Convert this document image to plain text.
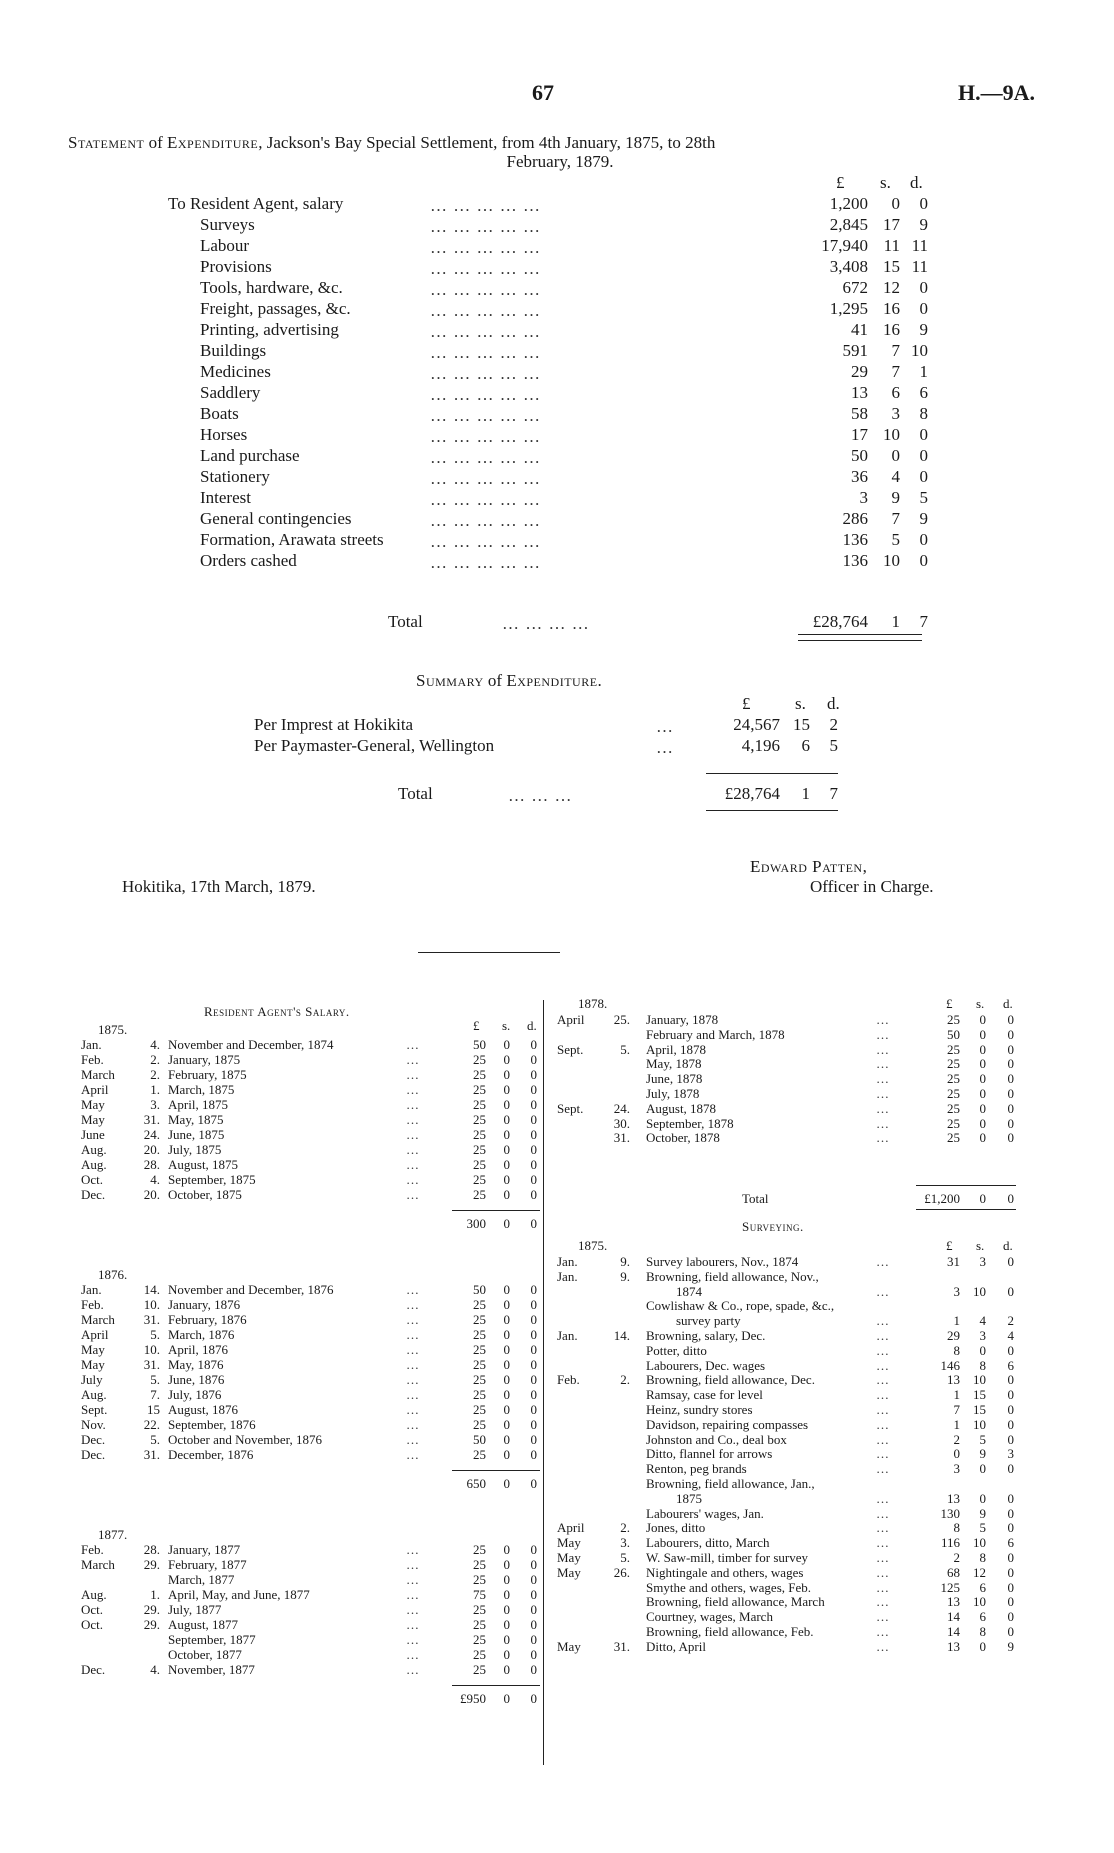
67	H.—9A.
Statement of Expenditure, Jackson's Bay Special Settlement, from 4th January, 1875, to 28th
February, 1879.
£	s. d.
To Resident Agent, salary	… … … … …	1,200	0	0
Surveys	… … … … …	2,845 17	9
Labour	… … … … …	17,940 11 11
Provisions	… … … … …	3,408 15 11
Tools, hardware, &c.	… … … … …	672 12	0
Freight, passages, &c.	… … … … …	1,295 16	0
Printing, advertising	… … … … …	41 16	9
Buildings	… … … … …	591	7 10
Medicines	… … … … …	29	7	1
Saddlery	… … … … …	13	6	6
Boats	… … … … …	58	3	8
Horses	… … … … …	17 10	0
Land purchase	… … … … …	50	0	0
Stationery	… … … … …	36	4	0
Interest	… … … … …	3	9	5
General contingencies	… … … … …	286	7	9
Formation, Arawata streets	… … … … …	136	5	0
Orders cashed	… … … … …	136 10	0
Total	… … … …	£28,764	1	7
Summary of Expenditure.
£	s. d.
Per Imprest at Hokikita	…	24,567 15	2
Per Paymaster-General, Wellington	…	4,196	6	5
Total	… … …	£28,764	1	7
Edward Patten,
Officer in Charge.
Hokitika, 17th March, 1879.
Resident Agent's Salary.
£ s. d.
1875.
Jan.	4. November and December, 1874	…	50	0	0
Feb.	2. January, 1875	…	25	0	0
March	2. February, 1875	…	25	0	0
April	1. March, 1875	…	25	0	0
May	3. April, 1875	…	25	0	0
May	31. May, 1875	…	25	0	0
June	24. June, 1875	…	25	0	0
Aug.	20. July, 1875	…	25	0	0
Aug.	28. August, 1875	…	25	0	0
Oct.	4. September, 1875	…	25	0	0
Dec.	20. October, 1875	…	25	0	0
300	0	0
1876.
Jan.	14. November and December, 1876	…	50	0	0
Feb.	10. January, 1876	…	25	0	0
March	31. February, 1876	…	25	0	0
April	5. March, 1876	…	25	0	0
May	10. April, 1876	…	25	0	0
May	31. May, 1876	…	25	0	0
July	5. June, 1876	…	25	0	0
Aug.	7. July, 1876	…	25	0	0
Sept.	15 August, 1876	…	25	0	0
Nov.	22. September, 1876	…	25	0	0
Dec.	5. October and November, 1876	…	50	0	0
Dec.	31. December, 1876	…	25	0	0
650	0	0
1877.
Feb.	28. January, 1877	…	25	0	0
March	29. February, 1877	…	25	0	0
March, 1877	…	25	0	0
Aug.	1. April, May, and June, 1877	…	75	0	0
Oct.	29. July, 1877	…	25	0	0
Oct.	29. August, 1877	…	25	0	0
September, 1877	…	25	0	0
October, 1877	…	25	0	0
Dec.	4. November, 1877	…	25	0	0
£950	0	0
1878.	£ s. d.
April	25. January, 1878	…	25	0	0
February and March, 1878	…	50	0	0
Sept.	5. April, 1878	…	25	0	0
May, 1878	…	25	0	0
June, 1878	…	25	0	0
July, 1878	…	25	0	0
Sept.	24. August, 1878	…	25	0	0
30. September, 1878	…	25	0	0
31. October, 1878	…	25	0	0
Total	£1,200	0	0
Surveying.
1875.	£ s. d.
Jan.	9. Survey labourers, Nov., 1874	…	31	3	0
Jan.	9. Browning, field allowance, Nov.,
1874	…	3	10	0
Cowlishaw & Co., rope, spade, &c.,
survey party	…	1	4	2
Jan.	14. Browning, salary, Dec.	…	29	3	4
Potter, ditto	…	8	0	0
Labourers, Dec. wages	…	146	8	6
Feb.	2. Browning, field allowance, Dec.	…	13	10	0
Ramsay, case for level	…	1	15	0
Heinz, sundry stores	…	7	15	0
Davidson, repairing compasses	…	1	10	0
Johnston and Co., deal box	…	2	5	0
Ditto, flannel for arrows	…	0	9	3
Renton, peg brands	…	3	0	0
Browning, field allowance, Jan.,
1875	…	13	0	0
Labourers' wages, Jan.	…	130	9	0
April	2. Jones, ditto	…	8	5	0
May	3. Labourers, ditto, March	…	116	10	6
May	5. W. Saw-mill, timber for survey	…	2	8	0
May	26. Nightingale and others, wages	…	68	12	0
Smythe and others, wages, Feb.	…	125	6	0
Browning, field allowance, March	…	13	10	0
Courtney, wages, March	…	14	6	0
Browning, field allowance, Feb.	…	14	8	0
May	31. Ditto, April	…	13	0	9
